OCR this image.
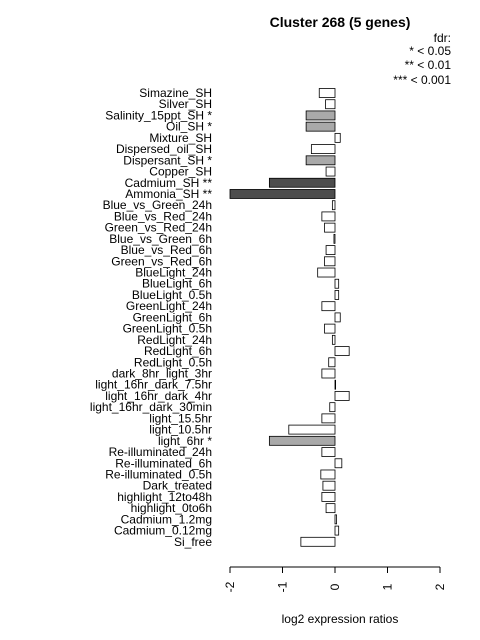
Cluster 268 (5 genes)
fdr:
* < 0.05
** < 0.01
*** < 0.001
Simazine_SH
Silver_SH
Salinity_15ppt_SH *
Oil_SH *
Mixture_SH
Dispersed_oil_SH
Dispersant_SH *
Copper_SH
Cadmium_SH **
Ammonia_SH **
Blue_vs_Green_24h
Blue_vs_Red_24h
Green_vs_Red_24h
Blue_vs_Green_6h
Blue_vs_Red_6h
Green_vs_Red_6h
BlueLight_24h
BlueLight_6h
BlueLight_0.5h
GreenLight_24h
GreenLight_6h
GreenLight_0.5h
RedLight_24h
RedLight_6h
RedLight_0.5h
dark_8hr_light_3hr
light_16hr_dark_7.5hr
light_16hr_dark_4hr
light_16hr_dark_30min
light_15.5hr
light_10.5hr
light_6hr *
Re-illuminated_24h
Re-illuminated_6h
Re-illuminated_0.5h
Dark_treated
highlight_12to48h
highlight_0to6h
Cadmium_1.2mg
Cadmium_0.12mg
Si_free
-2	-1	0	1	2
log2 expression ratios
